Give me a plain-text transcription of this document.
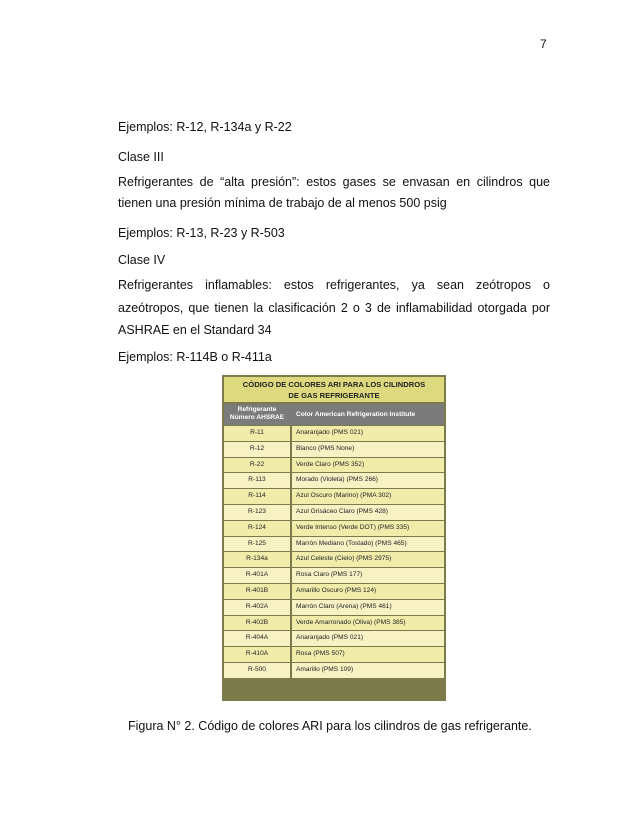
7
Ejemplos: R-12, R-134a y R-22
Clase III
Refrigerantes de “alta presión”: estos gases se envasan en cilindros que
tienen una presión mínima de trabajo de al menos 500 psig
Ejemplos: R-13, R-23 y R-503
Clase IV
Refrigerantes inflamables: estos refrigerantes, ya sean zeótropos o
azeótropos, que tienen la clasificación 2 o 3 de inflamabilidad otorgada por
ASHRAE en el Standard 34
Ejemplos: R-114B o R-411a
CÓDIGO DE COLORES ARI PARA LOS CILINDROS
DE GAS REFRIGERANTE
Refrigerante
Número AHSRAE	Color American Refrigeration Institute
R-11	Anaranjado (PMS 021)
R-12	Blanco (PMS None)
R-22	Verde Claro (PMS 352)
R-113	Morado (Violeta) (PMS 266)
R-114	Azul Oscuro (Marino) (PMA 302)
R-123	Azul Grisáceo Claro (PMS 428)
R-124	Verde Intenso (Verde DOT) (PMS 335)
R-125	Marrón Mediano (Tostado) (PMS 465)
R-134a	Azul Celeste (Cielo) (PMS 2975)
R-401A	Rosa Claro (PMS 177)
R-401B	Amarillo Oscuro (PMS 124)
R-402A	Marrón Claro (Arena) (PMS 461)
R-402B	Verde Amarronado (Oliva) (PMS 385)
R-404A	Anaranjado (PMS 021)
R-410A	Rosa (PMS 507)
R-500	Amarillo (PMS 109)
Figura N° 2. Código de colores ARI para los cilindros de gas refrigerante.
